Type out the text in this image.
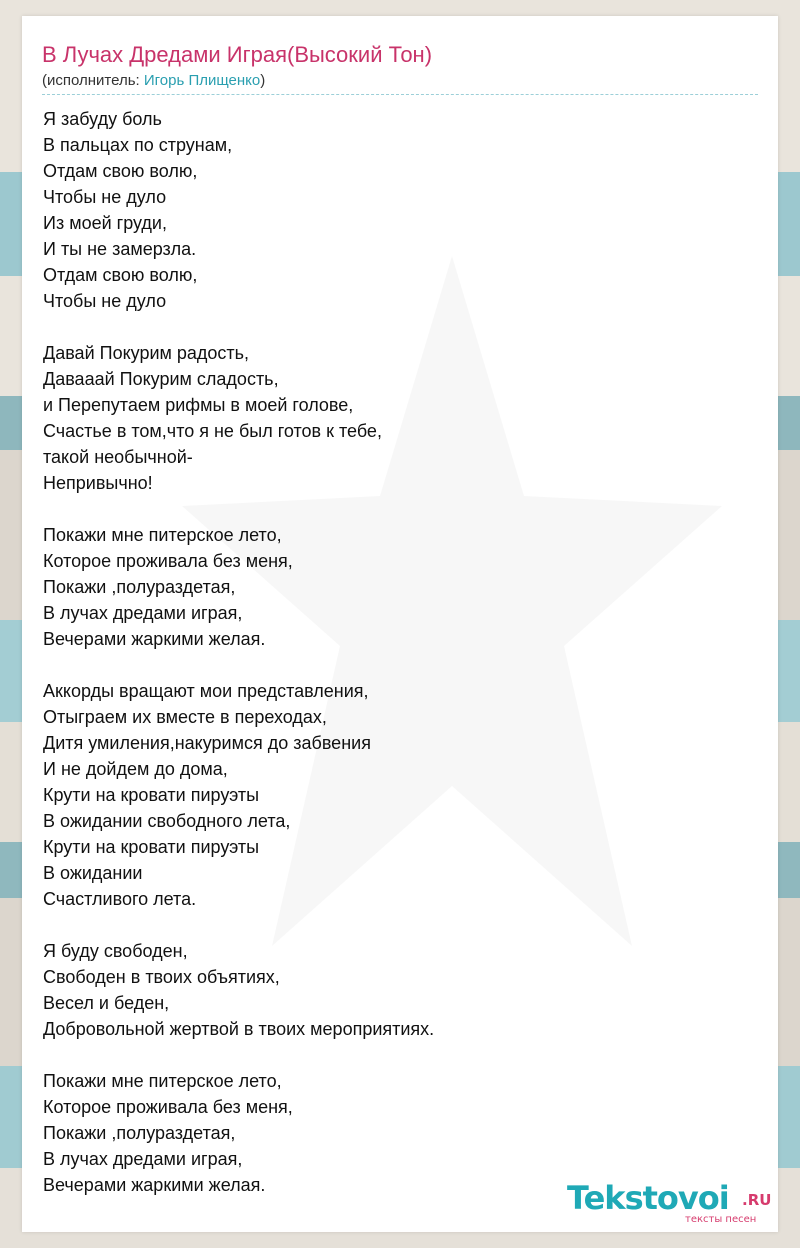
В Лучах Дредами Играя(Высокий Тон)
(исполнитель: Игорь Плищенко)
Я забуду боль
В пальцах по струнам,
Отдам свою волю,
Чтобы не дуло
Из моей груди,
И ты не замерзла.
Отдам свою волю,
Чтобы не дуло
Давай Покурим радость,
Давааай Покурим сладость,
и Перепутаем рифмы в моей голове,
Счастье в том,что я не был готов к тебе,
такой необычной-
Непривычно!
Покажи мне питерское лето,
Которое проживала без меня,
Покажи ,полураздетая,
В лучах дредами играя,
Вечерами жаркими желая.
Аккорды вращают мои представления,
Отыграем их вместе в переходах,
Дитя умиления,накуримся до забвения
И не дойдем до дома,
Крути на кровати пируэты
В ожидании свободного лета,
Крути на кровати пируэты
В ожидании
Счастливого лета.
Я буду свободен,
Свободен в твоих объятиях,
Весел и беден,
Добровольной жертвой в твоих мероприятиях.
Покажи мне питерское лето,
Которое проживала без меня,
Покажи ,полураздетая,
В лучах дредами играя,
Вечерами жаркими желая.	Tekstovoi .RU
тексты песен
